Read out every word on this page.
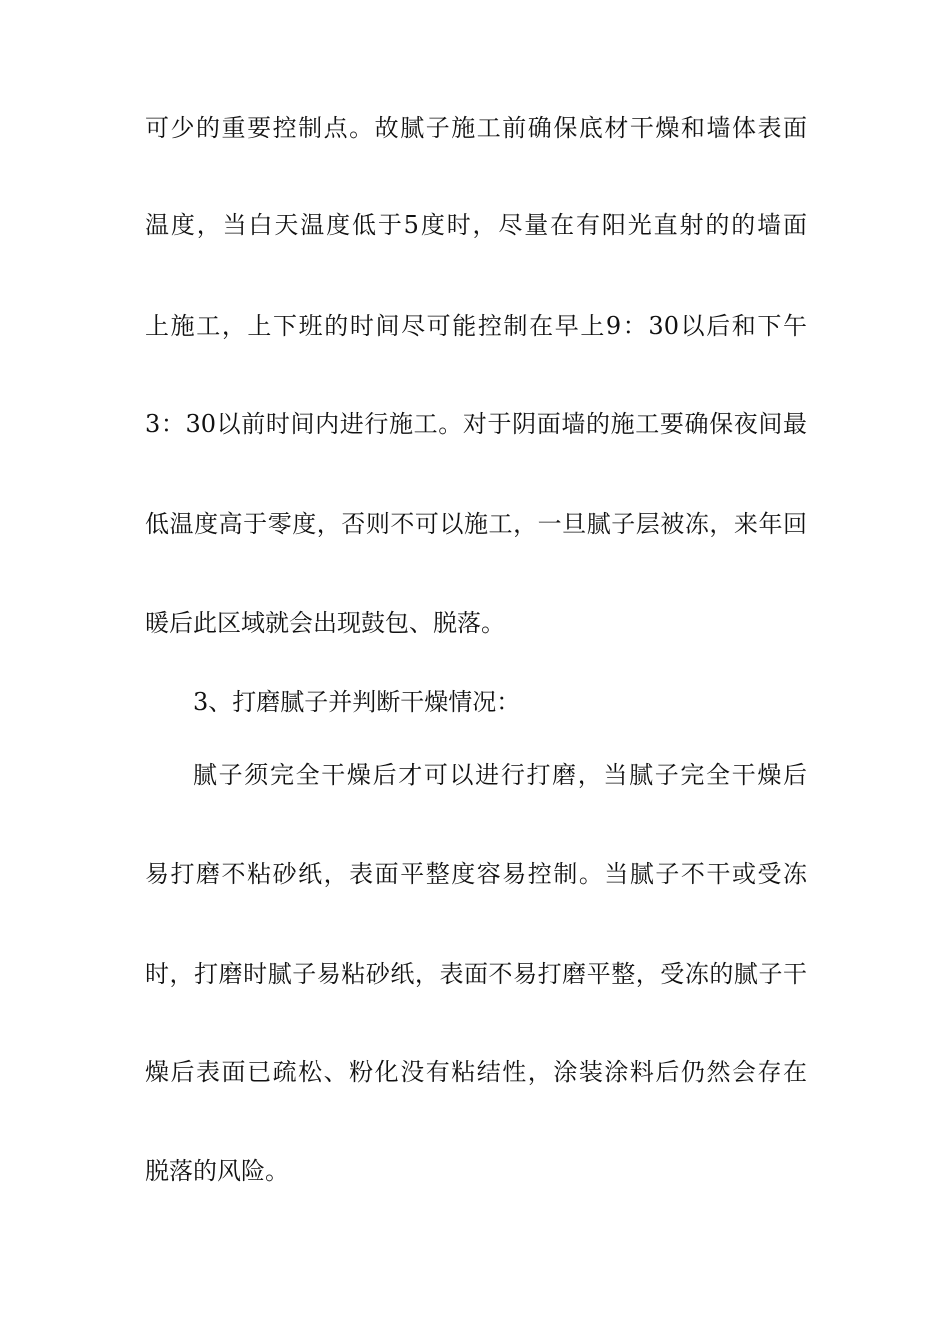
可少的重要控制点。故腻子施工前确保底材干燥和墙体表面
温度，当白天温度低于5度时，尽量在有阳光直射的的墙面
上施工，上下班的时间尽可能控制在早上9：30以后和下午
3：30以前时间内进行施工。对于阴面墙的施工要确保夜间最
低温度高于零度，否则不可以施工，一旦腻子层被冻，来年回
暖后此区域就会出现鼓包、脱落。
3、打磨腻子并判断干燥情况：
腻子须完全干燥后才可以进行打磨，当腻子完全干燥后
易打磨不粘砂纸，表面平整度容易控制。当腻子不干或受冻
时，打磨时腻子易粘砂纸，表面不易打磨平整，受冻的腻子干
燥后表面已疏松、粉化没有粘结性，涂装涂料后仍然会存在
脱落的风险。
